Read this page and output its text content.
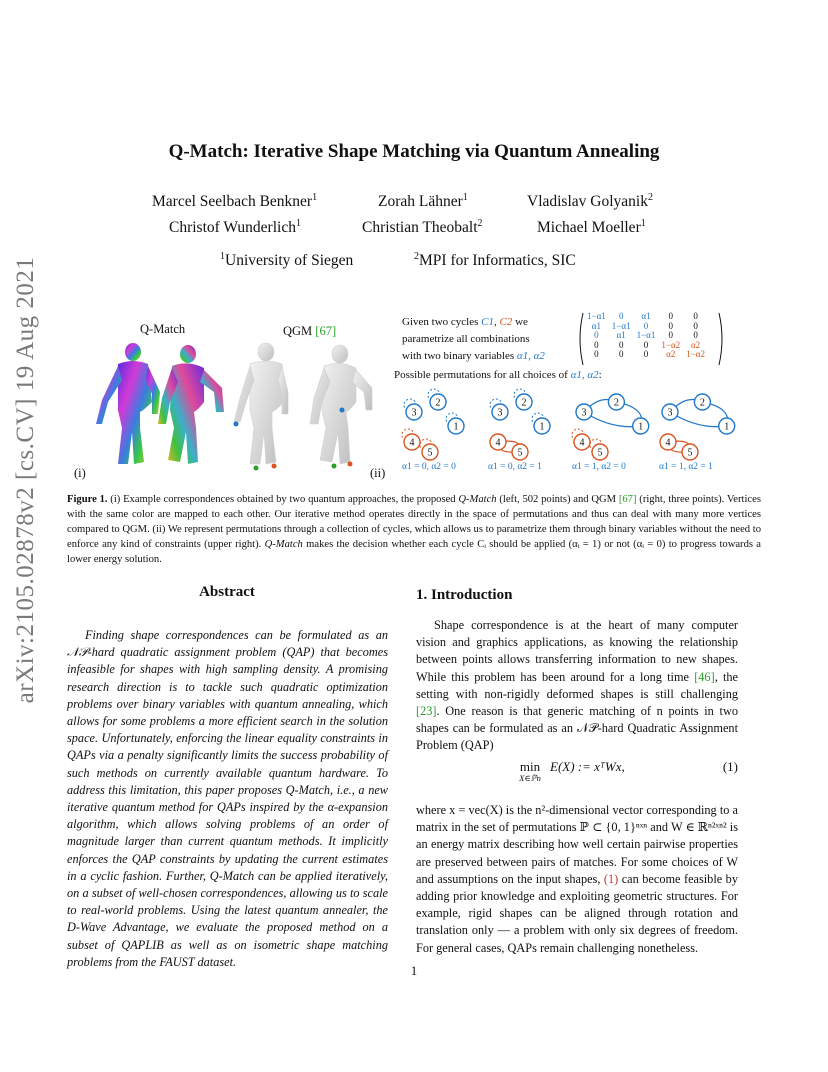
arXiv:2105.02878v2 [cs.CV] 19 Aug 2021
Q-Match: Iterative Shape Matching via Quantum Annealing
Marcel Seelbach Benkner$^1$	Zorah Lähner$^1$	Vladislav Golyanik$^2$
Christof Wunderlich$^1$	Christian Theobalt$^2$	Michael Moeller$^1$
$^1$University of Siegen	$^2$MPI for Informatics, SIC
Q-Match	QGM [67]
(i)	(ii)
Given two cycles C1, C2 we
parametrize all combinations
with two binary variables α1, α2
1−α1	0	α1	0	0
α1	1−α1	0	0	0
0	α1	1−α1	0	0
0	0	0	1−α2	α2
0	0	0	α2	1−α2
Possible permutations for all choices of α1, α2:
1
2
3
4
5
1
2
3
4
5
1
2
3
4
5
1
2
3
4
5
α1 = 0, α2 = 0	α1 = 0, α2 = 1	α1 = 1, α2 = 0	α1 = 1, α2 = 1
Figure 1. (i) Example correspondences obtained by two quantum approaches, the proposed Q-Match (left, 502 points) and QGM [67] (right, three points). Vertices with the same color are mapped to each other. Our iterative method operates directly in the space of permutations and thus can deal with many more vertices compared to QGM. (ii) We represent permutations through a collection of cycles, which allows us to parametrize them through binary variables without the need to enforce any kind of constraints (upper right). Q-Match makes the decision whether each cycle Cᵢ should be applied (αᵢ = 1) or not (αᵢ = 0) to progress towards a lower energy solution.
Abstract
Finding shape correspondences can be formulated as an 𝒩𝒫-hard quadratic assignment problem (QAP) that becomes infeasible for shapes with high sampling density. A promising research direction is to tackle such quadratic optimization problems over binary variables with quantum annealing, which allows for some problems a more efficient search in the solution space. Unfortunately, enforcing the linear equality constraints in QAPs via a penalty significantly limits the success probability of such methods on currently available quantum hardware. To address this limitation, this paper proposes Q-Match, i.e., a new iterative quantum method for QAPs inspired by the α-expansion algorithm, which allows solving problems of an order of magnitude larger than current quantum methods. It implicitly enforces the QAP constraints by updating the current estimates in a cyclic fashion. Further, Q-Match can be applied iteratively, on a subset of well-chosen correspondences, allowing us to scale to real-world problems. Using the latest quantum annealer, the D-Wave Advantage, we evaluate the proposed method on a subset of QAPLIB as well as on isometric shape matching problems from the FAUST dataset.
1. Introduction
Shape correspondence is at the heart of many computer vision and graphics applications, as knowing the relationship between points allows transferring information to new shapes. While this problem has been around for a long time [46], the setting with non-rigidly deformed shapes is still challenging [23]. One reason is that generic matching of n points in two shapes can be formulated as an 𝒩𝒫-hard Quadratic Assignment Problem (QAP)
min
X∈ℙn
E(X) := xᵀWx,	(1)
where x = vec(X) is the n²-dimensional vector corresponding to a matrix in the set of permutations ℙ ⊂ {0, 1}ⁿˣⁿ and W ∈ ℝⁿ²ˣⁿ² is an energy matrix describing how well certain pairwise properties are preserved between pairs of matches. For some choices of W and assumptions on the input shapes, (1) can become feasible by adding prior knowledge and exploiting geometric structures. For example, rigid shapes can be aligned through rotation and translation only — a problem with only six degrees of freedom. For general cases, QAPs remain challenging nonetheless.
1
